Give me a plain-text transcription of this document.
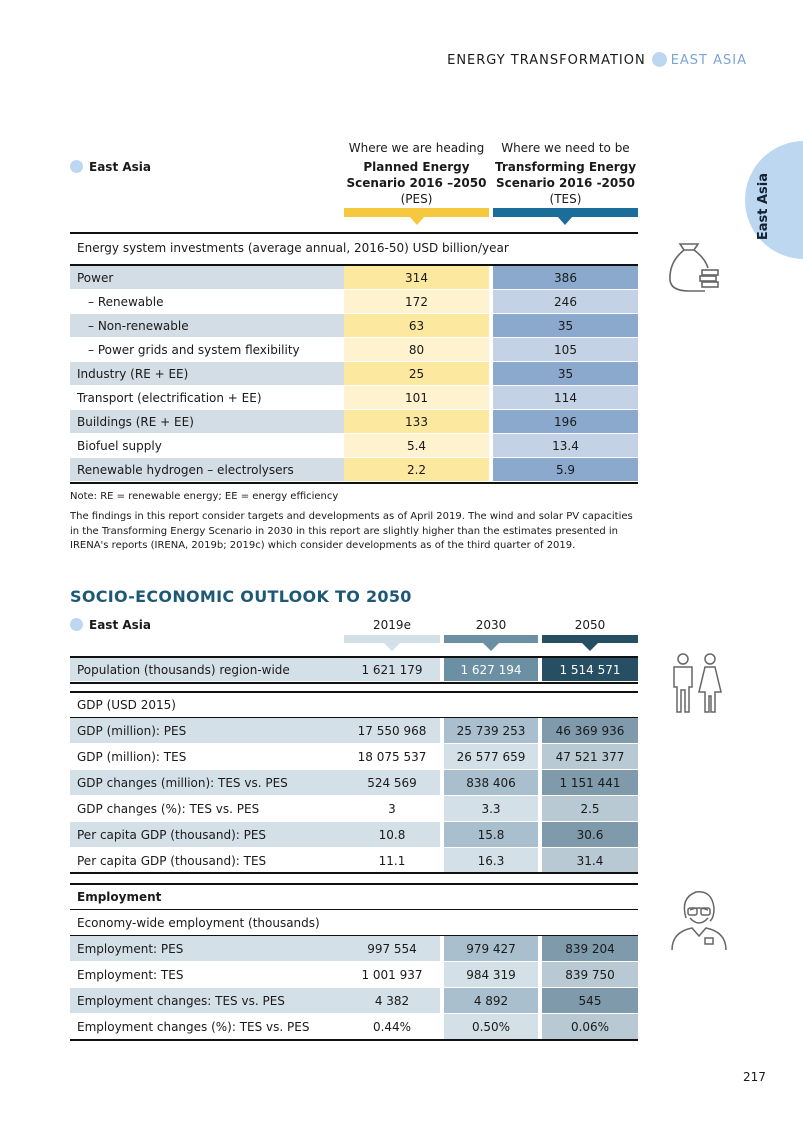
ENERGY TRANSFORMATION EAST ASIA
East Asia
East Asia
Where we are heading
Planned Energy
Scenario 2016 –2050
(PES)
Where we need to be
Transforming Energy
Scenario 2016 -2050
(TES)
Energy system investments (average annual, 2016-50) USD billion/year
Power	314		386
– Renewable	172		246
– Non-renewable	63		35
– Power grids and system flexibility	80		105
Industry (RE + EE)	25		35
Transport (electrification + EE)	101		114
Buildings (RE + EE)	133		196
Biofuel supply	5.4		13.4
Renewable hydrogen – electrolysers	2.2		5.9
Note: RE = renewable energy; EE = energy efficiency
The findings in this report consider targets and developments as of April 2019. The wind and solar PV capacities in the Transforming Energy Scenario in 2030 in this report are slightly higher than the estimates presented in IRENA's reports (IRENA, 2019b; 2019c) which consider developments as of the third quarter of 2019.
SOCIO-ECONOMIC OUTLOOK TO 2050
East Asia	2019e	2030	2050
Population (thousands) region-wide	1 621 179		1 627 194		1 514 571
GDP (USD 2015)
GDP (million): PES	17 550 968		25 739 253		46 369 936
GDP (million): TES	18 075 537		26 577 659		47 521 377
GDP changes (million): TES vs. PES	524 569		838 406		1 151 441
GDP changes (%): TES vs. PES	3		3.3		2.5
Per capita GDP (thousand): PES	10.8		15.8		30.6
Per capita GDP (thousand): TES	11.1		16.3		31.4
Employment
Economy-wide employment (thousands)
Employment: PES	997 554		979 427		839 204
Employment: TES	1 001 937		984 319		839 750
Employment changes: TES vs. PES	4 382		4 892		545
Employment changes (%): TES vs. PES	0.44%		0.50%		0.06%
217
